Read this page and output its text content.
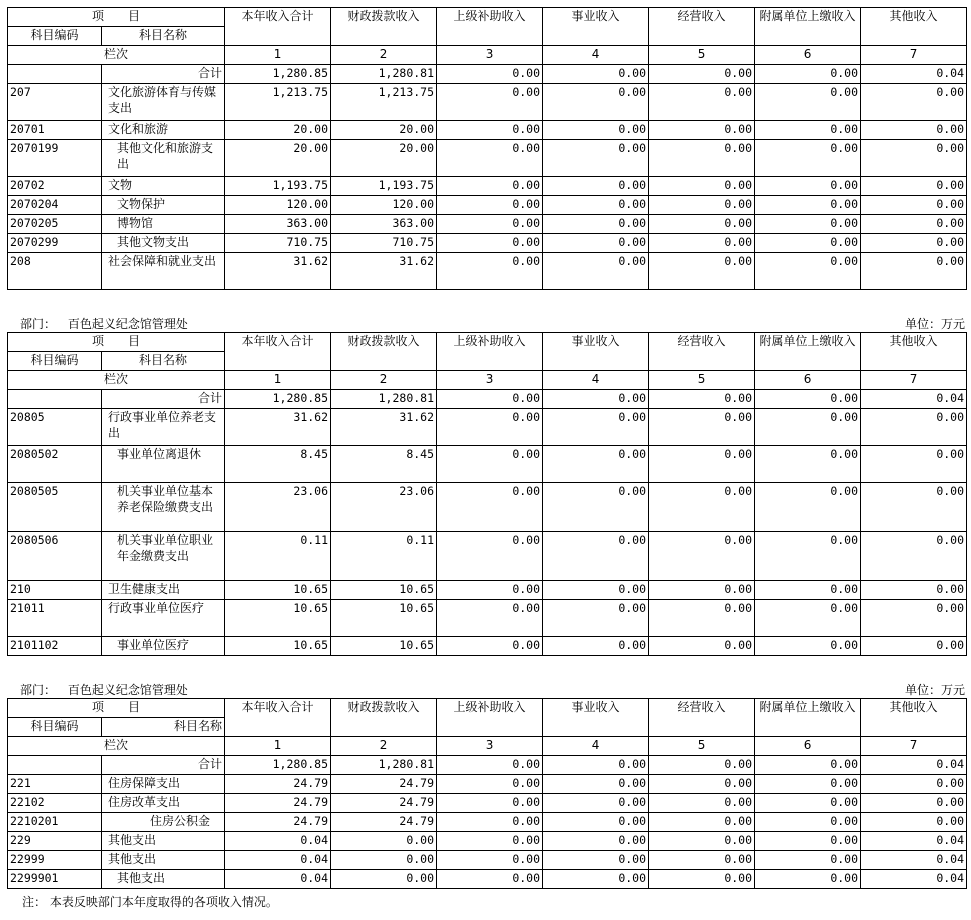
项　　目		本年收入合计	财政拨款收入	上级补助收入	事业收入	经营收入	附属单位上缴收入	其他收入
科目编码	科目名称							
栏次		1	2	3	4	5	6	7
	合计	1,280.85	1,280.81	0.00	0.00	0.00	0.00	0.04
207	文化旅游体育与传媒支出	1,213.75	1,213.75	0.00	0.00	0.00	0.00	0.00
20701	文化和旅游	20.00	20.00	0.00	0.00	0.00	0.00	0.00
2070199	其他文化和旅游支出	20.00	20.00	0.00	0.00	0.00	0.00	0.00
20702	文物	1,193.75	1,193.75	0.00	0.00	0.00	0.00	0.00
2070204	文物保护	120.00	120.00	0.00	0.00	0.00	0.00	0.00
2070205	博物馆	363.00	363.00	0.00	0.00	0.00	0.00	0.00
2070299	其他文物支出	710.75	710.75	0.00	0.00	0.00	0.00	0.00
208	社会保障和就业支出	31.62	31.62	0.00	0.00	0.00	0.00	0.00
部门： 百色起义纪念馆管理处	单位：万元
项　　目		本年收入合计	财政拨款收入	上级补助收入	事业收入	经营收入	附属单位上缴收入	其他收入
科目编码	科目名称							
栏次		1	2	3	4	5	6	7
	合计	1,280.85	1,280.81	0.00	0.00	0.00	0.00	0.04
20805	行政事业单位养老支出	31.62	31.62	0.00	0.00	0.00	0.00	0.00
2080502	事业单位离退休	8.45	8.45	0.00	0.00	0.00	0.00	0.00
2080505	机关事业单位基本养老保险缴费支出	23.06	23.06	0.00	0.00	0.00	0.00	0.00
2080506	机关事业单位职业年金缴费支出	0.11	0.11	0.00	0.00	0.00	0.00	0.00
210	卫生健康支出	10.65	10.65	0.00	0.00	0.00	0.00	0.00
21011	行政事业单位医疗	10.65	10.65	0.00	0.00	0.00	0.00	0.00
2101102	事业单位医疗	10.65	10.65	0.00	0.00	0.00	0.00	0.00
部门： 百色起义纪念馆管理处	单位：万元
项　　目		本年收入合计	财政拨款收入	上级补助收入	事业收入	经营收入	附属单位上缴收入	其他收入
科目编码	科目名称							
栏次		1	2	3	4	5	6	7
	合计	1,280.85	1,280.81	0.00	0.00	0.00	0.00	0.04
221	住房保障支出	24.79	24.79	0.00	0.00	0.00	0.00	0.00
22102	住房改革支出	24.79	24.79	0.00	0.00	0.00	0.00	0.00
2210201	住房公积金	24.79	24.79	0.00	0.00	0.00	0.00	0.00
229	其他支出	0.04	0.00	0.00	0.00	0.00	0.00	0.04
22999	其他支出	0.04	0.00	0.00	0.00	0.00	0.00	0.04
2299901	其他支出	0.04	0.00	0.00	0.00	0.00	0.00	0.04
注： 本表反映部门本年度取得的各项收入情况。
